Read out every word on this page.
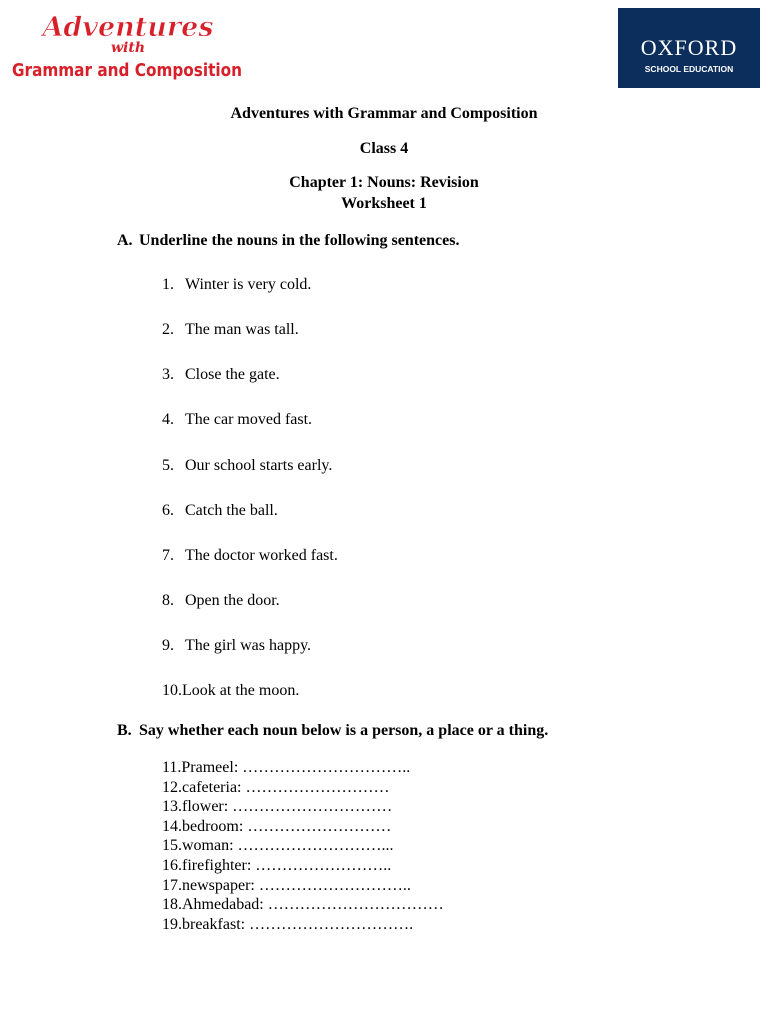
Adventures
with
Grammar and Composition
OXFORD
SCHOOL EDUCATION
Adventures with Grammar and Composition
Class 4
Chapter 1: Nouns: Revision
Worksheet 1
A. Underline the nouns in the following sentences.
1. Winter is very cold.
2. The man was tall.
3. Close the gate.
4. The car moved fast.
5. Our school starts early.
6. Catch the ball.
7. The doctor worked fast.
8. Open the door.
9. The girl was happy.
10.Look at the moon.
B. Say whether each noun below is a person, a place or a thing.
11.Prameel: …………………………..
12.cafeteria: ………………………
13.flower: …………………………
14.bedroom: ………………………
15.woman: ………………………...
16.firefighter: ……………………..
17.newspaper: ………………………..
18.Ahmedabad: ……………………………
19.breakfast: ………………………….
